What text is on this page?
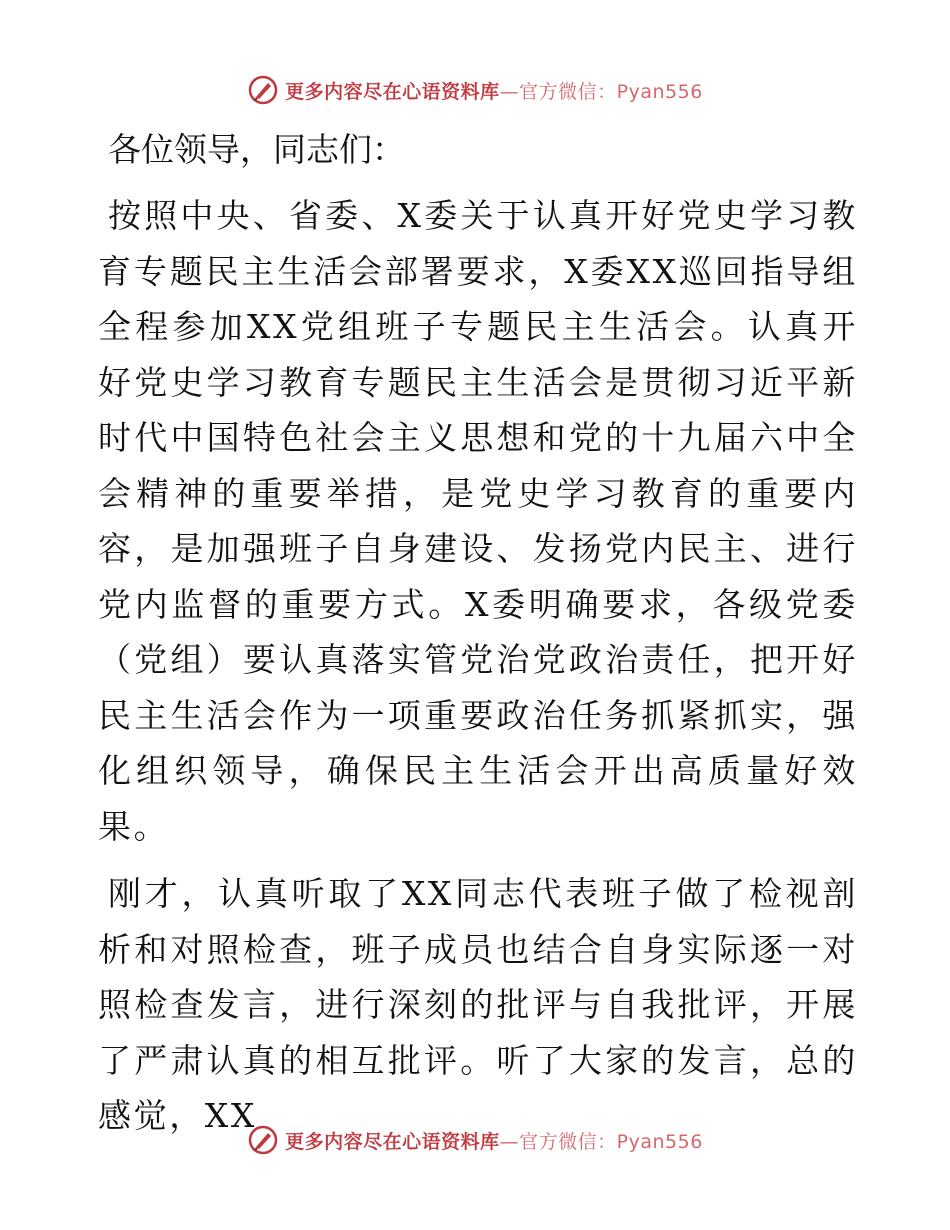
更多内容尽在心语资料库—官方微信：Pyan556
各位领导，同志们：

按照中央、省委、X委关于认真开好党史学习教育专题民主生活会部署要求，X委XX巡回指导组全程参加XX党组班子专题民主生活会。认真开好党史学习教育专题民主生活会是贯彻习近平新时代中国特色社会主义思想和党的十九届六中全会精神的重要举措，是党史学习教育的重要内容，是加强班子自身建设、发扬党内民主、进行党内监督的重要方式。X委明确要求，各级党委（党组）要认真落实管党治党政治责任，把开好民主生活会作为一项重要政治任务抓紧抓实，强化组织领导，确保民主生活会开出高质量好效果。

刚才，认真听取了XX同志代表班子做了检视剖析和对照检查，班子成员也结合自身实际逐一对照检查发言，进行深刻的批评与自我批评，开展了严肃认真的相互批评。听了大家的发言，总的感觉，XX

更多内容尽在心语资料库—官方微信：Pyan556
